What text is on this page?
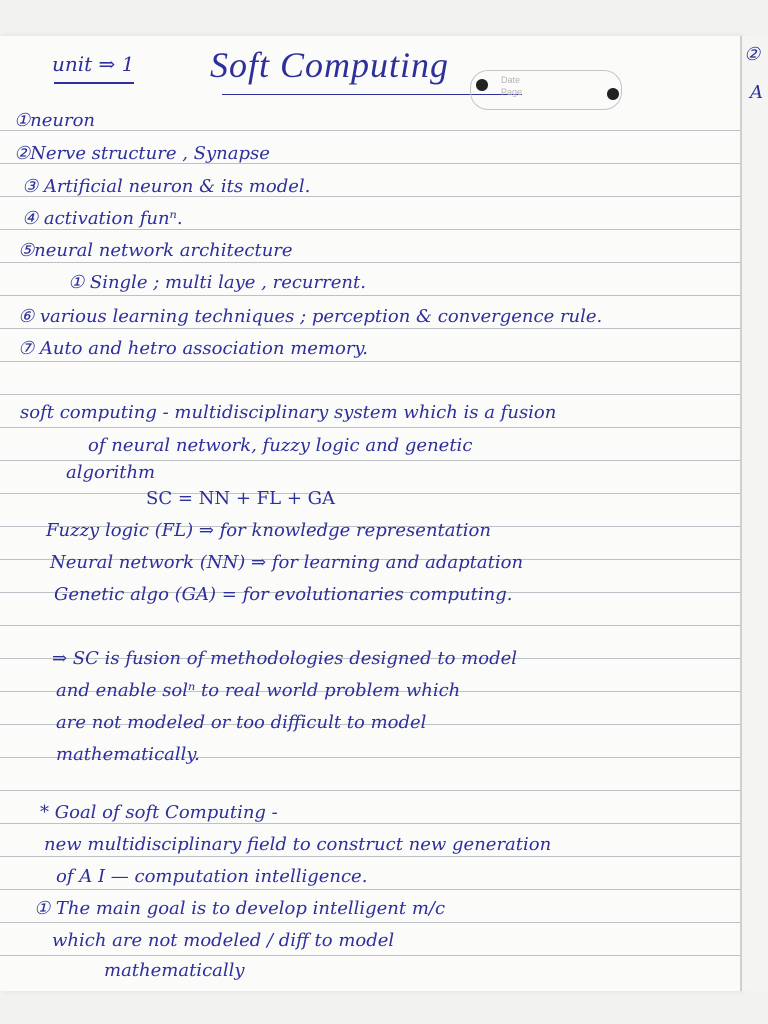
unit ⇒ 1 Soft Computing	Date
Page
①neuron
②Nerve structure , Synapse
③ Artificial neuron & its model.
④ activation funⁿ.
⑤neural network architecture
① Single ; multi laye , recurrent.
⑥ various learning techniques ; perception & convergence rule.
⑦ Auto and hetro association memory.
soft computing - multidisciplinary system which is a fusion
of neural network, fuzzy logic and genetic
algorithm
SC = NN + FL + GA
Fuzzy logic (FL) ⇒ for knowledge representation
Neural network (NN) ⇒ for learning and adaptation
Genetic algo (GA) = for evolutionaries computing.
⇒ SC is fusion of methodologies designed to model
and enable solⁿ to real world problem which
are not modeled or too difficult to model
mathematically.
* Goal of soft Computing -
new multidisciplinary field to construct new generation
of A I — computation intelligence.
① The main goal is to develop intelligent m/c
which are not modeled / diff to model
mathematically
②
A
